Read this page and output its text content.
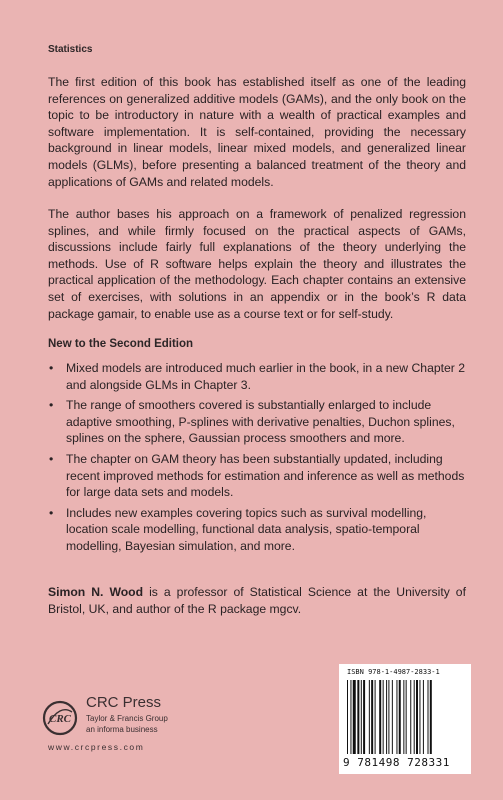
Statistics

The first edition of this book has established itself as one of the leading references on generalized additive models (GAMs), and the only book on the topic to be introductory in nature with a wealth of practical examples and software implementation. It is self-contained, providing the necessary background in linear models, linear mixed models, and generalized linear models (GLMs), before presenting a balanced treatment of the theory and applications of GAMs and related models.

The author bases his approach on a framework of penalized regression splines, and while firmly focused on the practical aspects of GAMs, discussions include fairly full explanations of the theory underlying the methods. Use of R software helps explain the theory and illustrates the practical application of the methodology. Each chapter contains an extensive set of exercises, with solutions in an appendix or in the book’s R data package gamair, to enable use as a course text or for self-study.

New to the Second Edition
• Mixed models are introduced much earlier in the book, in a new Chapter 2 and alongside GLMs in Chapter 3.
• The range of smoothers covered is substantially enlarged to include adaptive smoothing, P-splines with derivative penalties, Duchon splines, splines on the sphere, Gaussian process smoothers and more.
• The chapter on GAM theory has been substantially updated, including recent improved methods for estimation and inference as well as methods for large data sets and models.
• Includes new examples covering topics such as survival modelling, location scale modelling, functional data analysis, spatio-temporal modelling, Bayesian simulation, and more.

Simon N. Wood is a professor of Statistical Science at the University of Bristol, UK, and author of the R package mgcv.

CRC
CRC Press
Taylor & Francis Group
an informa business
www.crcpress.com
ISBN 978-1-4987-2833-1
9 781498 728331
